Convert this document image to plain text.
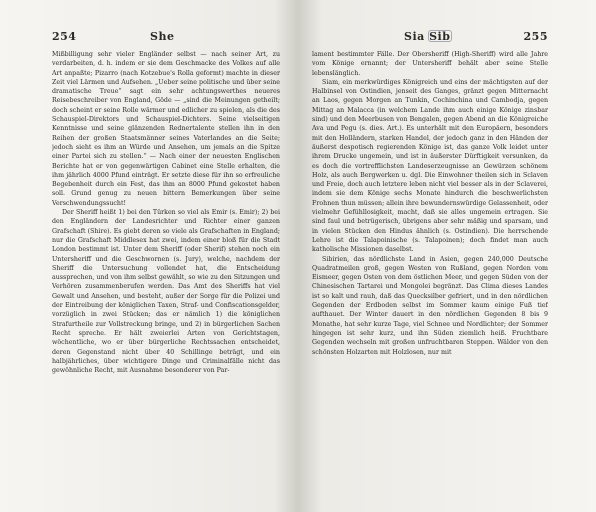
254	She

Mißbilligung sehr vieler Engländer selbst — nach seiner Art, zu verdarbeiten, d. h. indem er sie dem Geschmacke des Volkes auf alle Art anpaßte; Pizarro (nach Kotzebue's Rolla geformt) machte in dieser Zeit viel Lärmen und Aufsehen. „Ueber seine politische und über seine dramatische Treue“ sagt ein sehr achtungswerthes neueres Reisebeschreiber von England, Göde — „sind die Meinungen getheilt; doch scheint er seine Rolle wärmer und edlicher zu spielen, als die des Schauspiel-Direktors und Schauspiel-Dichters. Seine vielseitigen Kenntnisse und seine glänzenden Rednertalente stellen ihn in den Reihen der großen Staatsmänner seines Vaterlandes an die Seite; jedoch sieht es ihm an Würde und Ansehen, um jemals an die Spitze einer Partei sich zu stellen.“ — Nach einer der neuesten Englischen Berichte hat er von gegenwärtigen Cabinet eine Stelle erhalten, die ihm jährlich 4000 Pfund einträgt. Er setzte diese für ihn so erfreuliche Begebenheit durch ein Fest, das ihm an 8000 Pfund gekostet haben soll. Grund genug zu neuen bittern Bemerkungen über seine Verschwendungssucht!

Der Sheriff heißt 1) bei den Türken so viel als Emir (s. Emir); 2) bei den Engländern der Landesrichter und Richter einer ganzen Grafschaft (Shire). Es giebt deren so viele als Grafschaften in England; nur die Grafschaft Middlesex hat zwei, indem einer bloß für die Stadt London bestimmt ist. Unter dem Sheriff (oder Sherif) stehen noch ein Untersheriff und die Geschwornen (s. Jury), welche, nachdem der Sheriff die Untersuchung vollendet hat, die Entscheidung aussprechen, und von ihm selbst gewählt, so wie zu den Sitzungen und Verhören zusammenberufen werden. Das Amt des Sheriffs hat viel Gewalt und Ansehen, und besteht, außer der Sorge für die Polizei und der Eintreibung der königlichen Taxen, Straf- und Confiscationsgelder, vorzüglich in zwei Stücken; das er nämlich 1) die königlichen Strafurtheile zur Vollstreckung bringe, und 2) in bürgerlichen Sachen Recht spreche. Er hält zweierlei Arten von Gerichtstagen, wöchentliche, wo er über bürgerliche Rechtssachen entscheidet, deren Gegenstand nicht über 40 Schillinge beträgt, und ein halbjährliches, über wichtigere Dinge und Criminalfälle nicht das gewöhnliche Recht, mit Ausnahme besonderer von Par-

Sia Sib	255

lament bestimmter Fälle. Der Obersheriff (High-Sheriff) wird alle Jahre vom Könige ernannt; der Untersheriff behält aber seine Stelle lebenslänglich.

Siam, ein merkwürdiges Königreich und eins der mächtigsten auf der Halbinsel von Ostindien, jenseit des Ganges, gränzt gegen Mitternacht an Laos, gegen Morgen an Tunkin, Cochinchina und Cambodja, gegen Mittag an Malacca (in welchem Lande ihm auch einige Könige zinsbar sind) und den Meerbusen von Bengalen, gegen Abend an die Königreiche Ava und Pegu (s. dies. Art.). Es unterhält mit den Europäern, besonders mit den Holländern, starken Handel, der jedoch ganz in den Händen der äußerst despotisch regierenden Könige ist, das ganze Volk leidet unter ihrem Drucke ungemein, und ist in äußerster Dürftigkeit versunken, da es doch die vortrefflichsten Landeserzeugnisse an Gewürzen schönem Holz, als auch Bergwerken u. dgl. Die Einwohner theilen sich in Sclaven und Freie, doch auch letztere leben nicht viel besser als in der Sclaverei, indem sie dem Könige sechs Monate hindurch die beschwerlichsten Frohnen thun müssen; allein ihre bewundernswürdige Gelassenheit, oder vielmehr Gefühllosigkeit, macht, daß sie alles ungemein ertragen. Sie sind faul und betrügerisch, übrigens aber sehr mäßig und sparsam, und in vielen Stücken den Hindus ähnlich (s. Ostindien). Die herrschende Lehre ist die Talapoinische (s. Talapoinen); doch findet man auch katholische Missionen daselbst.

Sibirien, das nördlichste Land in Asien, gegen 240,000 Deutsche Quadratmeilen groß, gegen Westen von Rußland, gegen Norden vom Eismeer, gegen Osten von dem östlichen Meer, und gegen Süden von der Chinesischen Tartarei und Mongolei begränzt. Das Clima dieses Landes ist so kalt und rauh, daß das Quecksilber gefriert, und in den nördlichen Gegenden der Erdboden selbst im Sommer kaum einige Fuß tief aufthauet. Der Winter dauert in den nördlichen Gegenden 8 bis 9 Monathe, hat sehr kurze Tage, viel Schnee und Nordlichter; der Sommer hingegen ist sehr kurz, und ihn Süden ziemlich heiß. Fruchtbare Gegenden wechseln mit großen unfruchtbaren Steppen. Wälder von den schönsten Holzarten mit Holzlosen, nur mit
